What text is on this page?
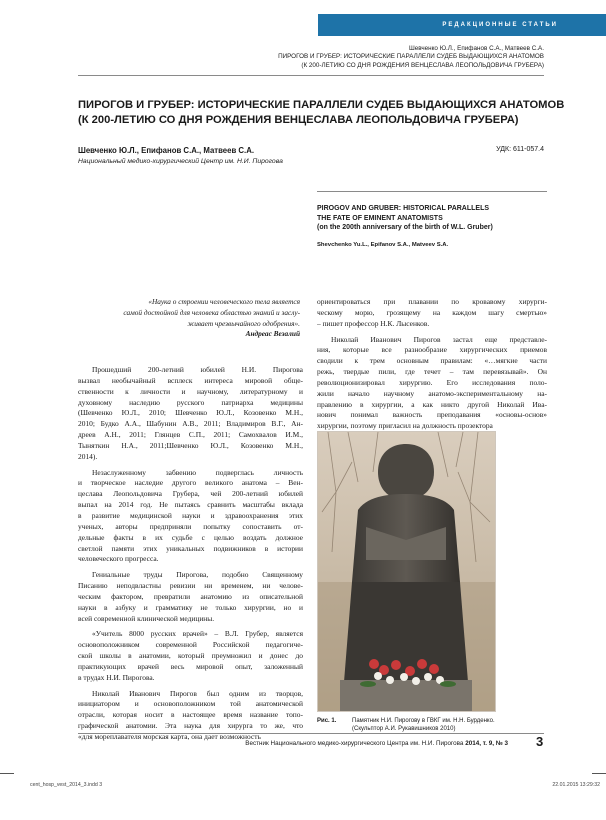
РЕДАКЦИОННЫЕ СТАТЬИ
Шевченко Ю.Л., Епифанов С.А., Матвеев С.А.
ПИРОГОВ И ГРУБЕР: ИСТОРИЧЕСКИЕ ПАРАЛЛЕЛИ СУДЕБ ВЫДАЮЩИХСЯ АНАТОМОВ
(К 200-ЛЕТИЮ СО ДНЯ РОЖДЕНИЯ ВЕНЦЕСЛАВА ЛЕОПОЛЬДОВИЧА ГРУБЕРА)
ПИРОГОВ И ГРУБЕР: ИСТОРИЧЕСКИЕ ПАРАЛЛЕЛИ СУДЕБ ВЫДАЮЩИХСЯ АНАТОМОВ
(К 200-ЛЕТИЮ СО ДНЯ РОЖДЕНИЯ ВЕНЦЕСЛАВА ЛЕОПОЛЬДОВИЧА ГРУБЕРА)
Шевченко Ю.Л., Епифанов С.А., Матвеев С.А.	УДК: 611-057.4
Национальный медико-хирургический Центр им. Н.И. Пирогова
PIROGOV AND GRUBER: HISTORICAL PARALLELS
THE FATE OF EMINENT ANATOMISTS
(on the 200th anniversary of the birth of W.L. Gruber)
Shevchenko Yu.L., Epifanov S.A., Matveev S.A.
«Наука о строении человеческого тела является
самой достойной для человека областью знаний и заслу-
живает чрезвычайного одобрения».
Андреас Везалий
Прошедший 200-летний юбилей Н.И. Пирогова
вызвал необычайный всплеск интереса мировой обще-
ственности к личности и научному, литературному и
духовному наследию русского патриарха медицины
(Шевченко Ю.Л., 2010; Шевченко Ю.Л., Козовенко М.Н.,
2010; Будко А.А., Шабунин А.В., 2011; Владимиров В.Г., Ан-
дреев А.Н., 2011; Глянцев С.П., 2011; Самохвалов И.М.,
Тыняткин Н.А., 2011;Шевченко Ю.Л., Козовенко М.Н.,
2014).
Незаслуженному забвению подверглась личность
и творческое наследие другого великого анатома – Вен-
цеслава Леопольдовича Грубера, чей 200-летний юбилей
выпал на 2014 год. Не пытаясь сравнить масштабы вклада
в развитие медицинской науки и здравоохранения этих
ученых, авторы предприняли попытку сопоставить от-
дельные факты в их судьбе с целью воздать должное
светлой памяти этих уникальных подвижников в истории
человеческого прогресса.
Гениальные труды Пирогова, подобно Священному
Писанию неподвластны ревизии ни временем, ни челове-
ческим фактором, превратили анатомию из описательной
науки в азбуку и грамматику не только хирургии, но и
всей современной клинической медицины.
«Учитель 8000 русских врачей» – В.Л. Грубер, является
основоположником современной Российской педагогиче-
ской школы в анатомии, который преумножил и донес до
практикующих врачей весь мировой опыт, заложенный
в трудах Н.И. Пирогова.
Николай Иванович Пирогов был одним из творцов,
инициатором и основоположником той анатомической
отрасли, которая носит в настоящее время название топо-
графической анатомии. Эта наука для хирурга то же, что
«для мореплавателя морская карта, она дает возможность
ориентироваться при плавании по кровавому хирурги-
ческому морю, грозящему на каждом шагу смертью»
– пишет профессор Н.К. Лысенков.
Николай Иванович Пирогов застал еще представле-
ния, которые все разнообразие хирургических приемов
сводили к трем основным правилам: «…мягкие части
режь, твердые пили, где течет – там перевязывай». Он
революционизировал хирургию. Его исследования поло-
жили начало научному анатомо-экспериментальному на-
правлению в хирургии, а как никто другой Николай Ива-
нович понимал важность преподавания «основы-основ»
хирургии, поэтому пригласил на должность прозектора
Рис. 1.	Памятник Н.И. Пирогову в ГВКГ им. Н.Н. Бурденко.
(Скульптор А.И. Рукавишников 2010)
Вестник Национального медико-хирургического Центра им. Н.И. Пирогова 2014, т. 9, № 3 3
cent_hosp_vest_2014_3.indd 3	22.01.2015 13:29:32
